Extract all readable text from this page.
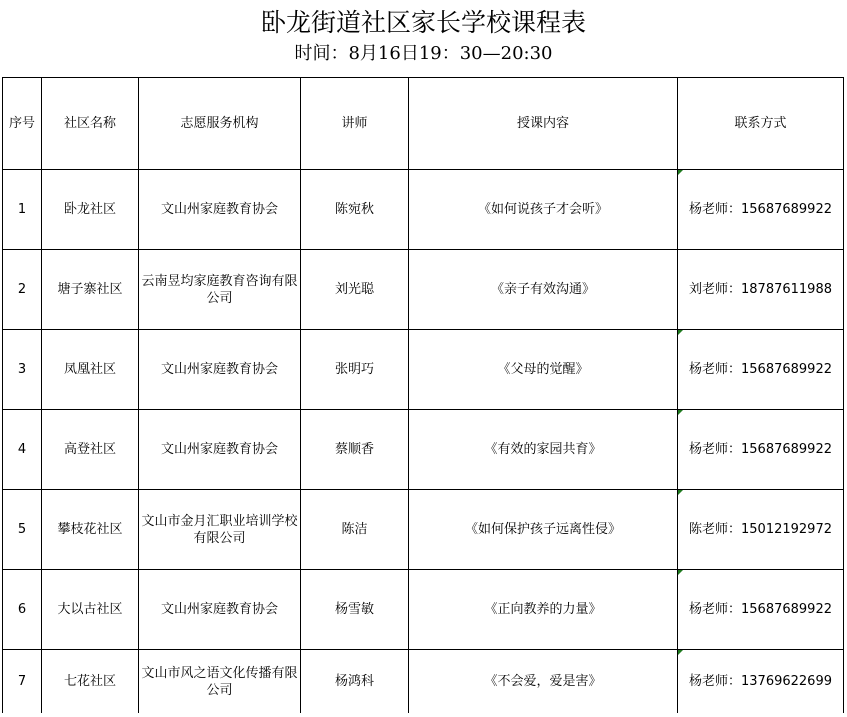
卧龙街道社区家长学校课程表
时间：8月16日19：30—20:30
序号	社区名称	志愿服务机构	讲师	授课内容	联系方式
1	卧龙社区	文山州家庭教育协会	陈宛秋	《如何说孩子才会听》	杨老师：15687689922
2	塘子寨社区	云南昱均家庭教育咨询有限公司	刘光聪	《亲子有效沟通》	刘老师：18787611988
3	凤凰社区	文山州家庭教育协会	张明巧	《父母的觉醒》	杨老师：15687689922
4	高登社区	文山州家庭教育协会	蔡顺香	《有效的家园共育》	杨老师：15687689922
5	攀枝花社区	文山市金月汇职业培训学校有限公司	陈洁	《如何保护孩子远离性侵》	陈老师：15012192972
6	大以古社区	文山州家庭教育协会	杨雪敏	《正向教养的力量》	杨老师：15687689922
7	七花社区	文山市风之语文化传播有限公司	杨鸿科	《不会爱，爱是害》	杨老师：13769622699
